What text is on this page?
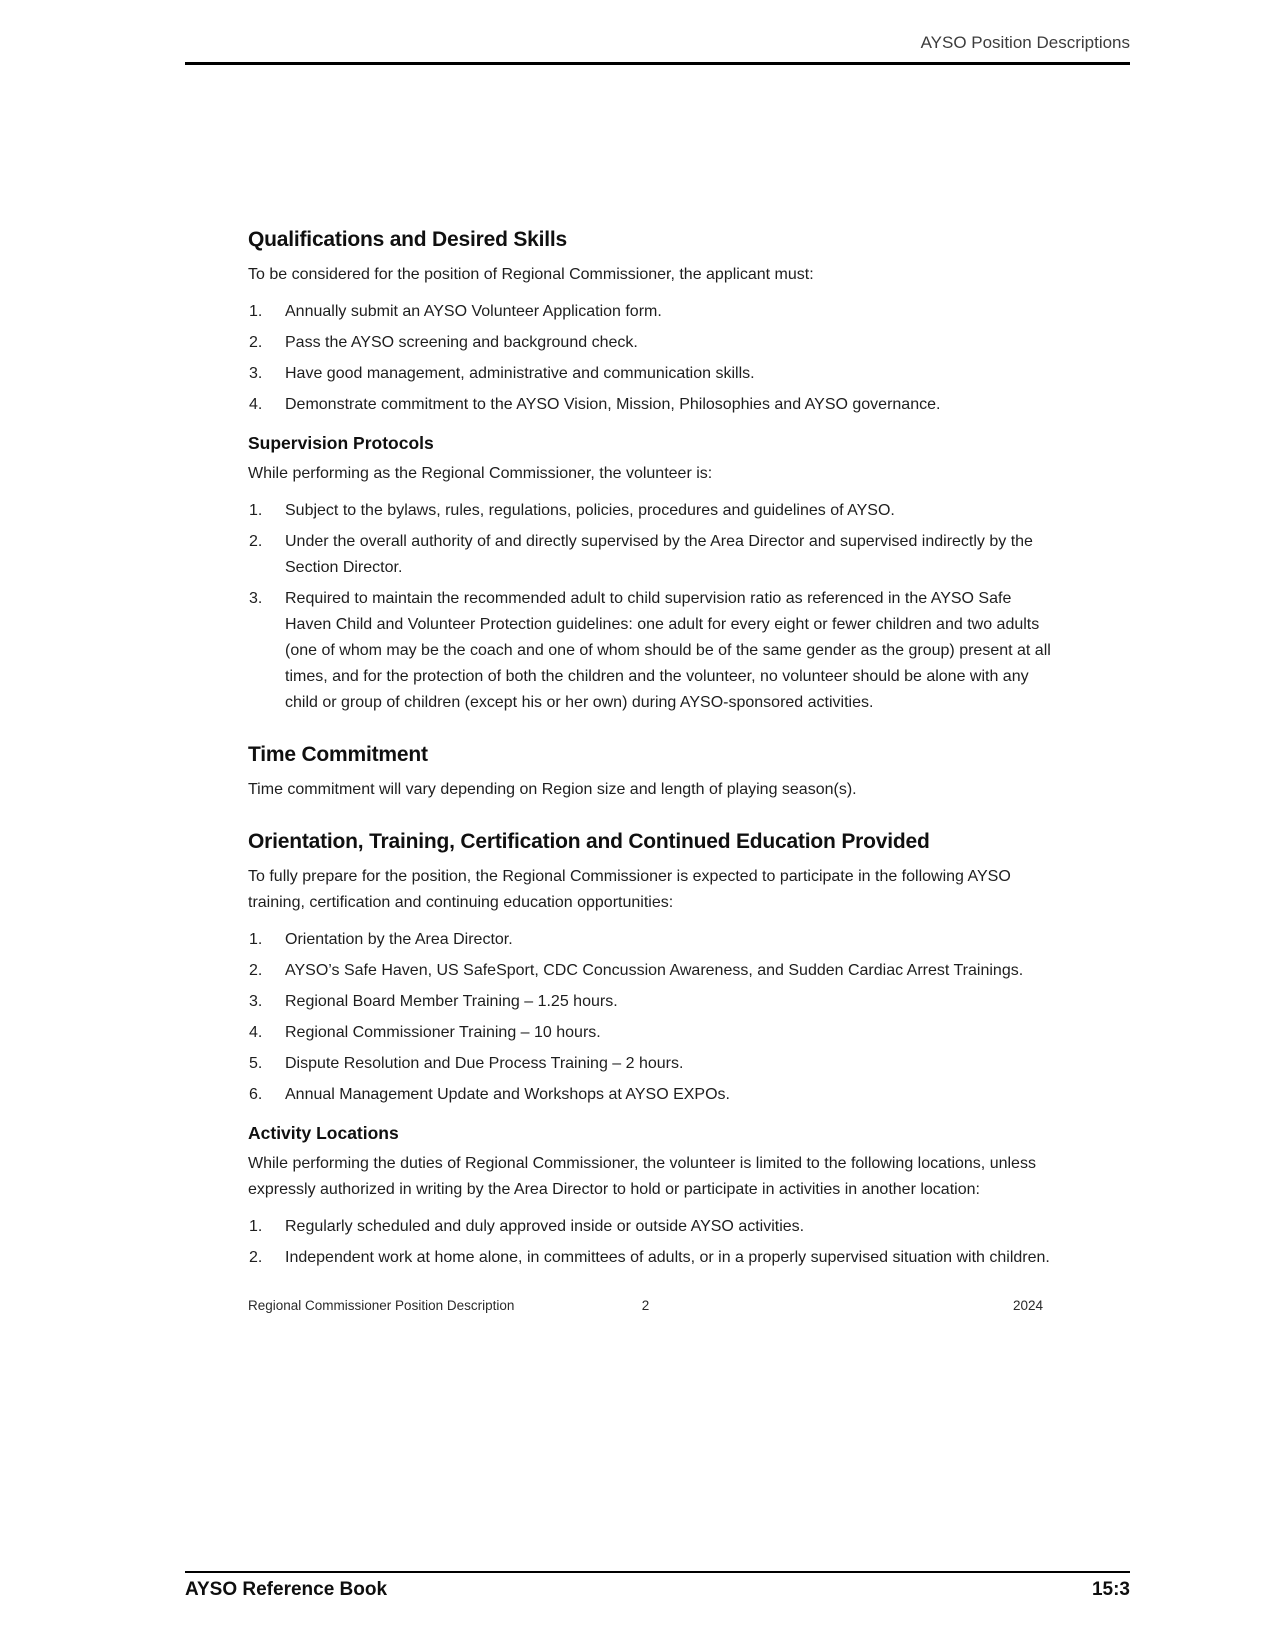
AYSO Position Descriptions
Qualifications and Desired Skills

To be considered for the position of Regional Commissioner, the applicant must:

Annually submit an AYSO Volunteer Application form.
Pass the AYSO screening and background check.
Have good management, administrative and communication skills.
Demonstrate commitment to the AYSO Vision, Mission, Philosophies and AYSO governance.
Supervision Protocols

While performing as the Regional Commissioner, the volunteer is:

Subject to the bylaws, rules, regulations, policies, procedures and guidelines of AYSO.
Under the overall authority of and directly supervised by the Area Director and supervised indirectly by the Section Director.
Required to maintain the recommended adult to child supervision ratio as referenced in the AYSO Safe Haven Child and Volunteer Protection guidelines: one adult for every eight or fewer children and two adults (one of whom may be the coach and one of whom should be of the same gender as the group) present at all times, and for the protection of both the children and the volunteer, no volunteer should be alone with any child or group of children (except his or her own) during AYSO-sponsored activities.
Time Commitment

Time commitment will vary depending on Region size and length of playing season(s).

Orientation, Training, Certification and Continued Education Provided

To fully prepare for the position, the Regional Commissioner is expected to participate in the following AYSO training, certification and continuing education opportunities:

Orientation by the Area Director.
AYSO’s Safe Haven, US SafeSport, CDC Concussion Awareness, and Sudden Cardiac Arrest Trainings.
Regional Board Member Training – 1.25 hours.
Regional Commissioner Training – 10 hours.
Dispute Resolution and Due Process Training – 2 hours.
Annual Management Update and Workshops at AYSO EXPOs.
Activity Locations

While performing the duties of Regional Commissioner, the volunteer is limited to the following locations, unless expressly authorized in writing by the Area Director to hold or participate in activities in another location:

Regularly scheduled and duly approved inside or outside AYSO activities.
Independent work at home alone, in committees of adults, or in a properly supervised situation with children.
Regional Commissioner Position Description	2	2024
AYSO Reference Book	15:3
